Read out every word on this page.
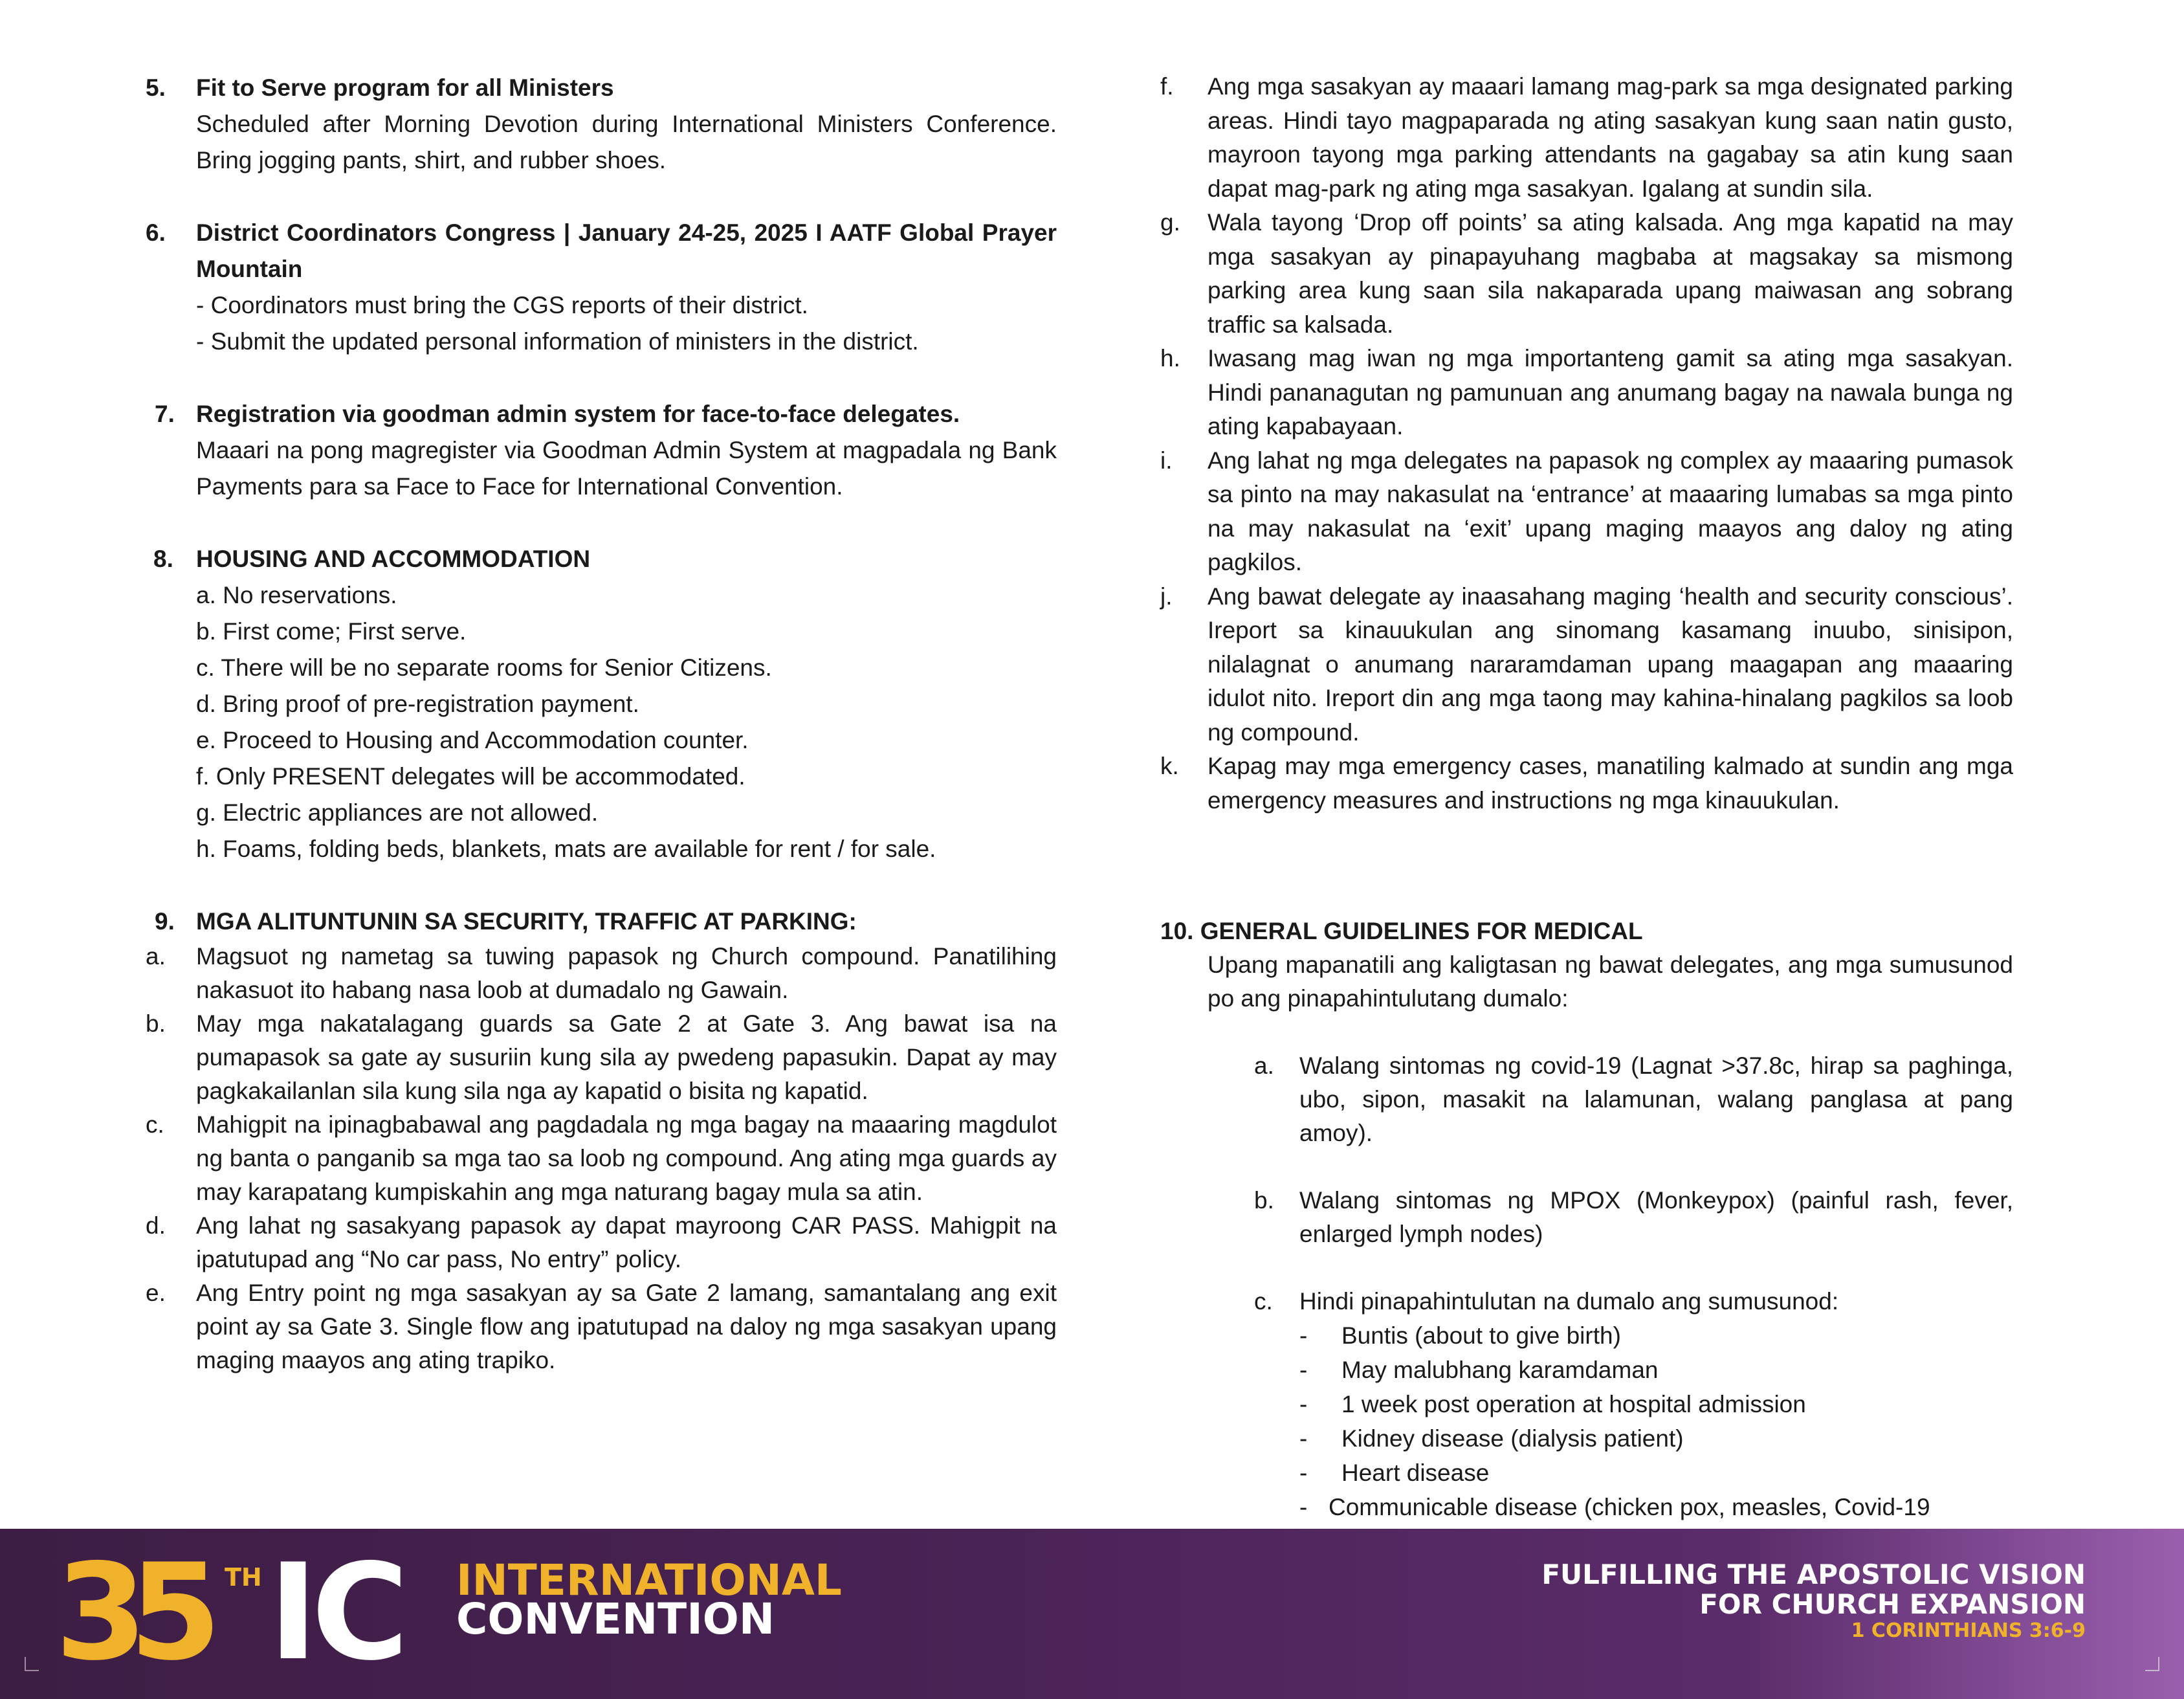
5.	Fit to Serve program for all Ministers
Scheduled after Morning Devotion during International Ministers Conference. Bring jogging pants, shirt, and rubber shoes.
6.	District Coordinators Congress | January 24-25, 2025 I AATF Global Prayer Mountain
- Coordinators must bring the CGS reports of their district.
- Submit the updated personal information of ministers in the district.
7. Registration via goodman admin system for face-to-face delegates.
Maaari na pong magregister via Goodman Admin System at magpadala ng Bank Payments para sa Face to Face for International Convention.
8. HOUSING AND ACCOMMODATION
a. No reservations.
b. First come; First serve.
c. There will be no separate rooms for Senior Citizens.
d. Bring proof of pre-registration payment.
e. Proceed to Housing and Accommodation counter.
f. Only PRESENT delegates will be accommodated.
g. Electric appliances are not allowed.
h. Foams, folding beds, blankets, mats are available for rent / for sale.
9. MGA ALITUNTUNIN SA SECURITY, TRAFFIC AT PARKING:
a.	Magsuot ng nametag sa tuwing papasok ng Church compound. Panatilihing nakasuot ito habang nasa loob at dumadalo ng Gawain.
b.	May mga nakatalagang guards sa Gate 2 at Gate 3. Ang bawat isa na pumapasok sa gate ay susuriin kung sila ay pwedeng papasukin. Dapat ay may pagkakailanlan sila kung sila nga ay kapatid o bisita ng kapatid.
c.	Mahigpit na ipinagbabawal ang pagdadala ng mga bagay na maaaring magdulot ng banta o panganib sa mga tao sa loob ng compound. Ang ating mga guards ay may karapatang kumpiskahin ang mga naturang bagay mula sa atin.
d.	Ang lahat ng sasakyang papasok ay dapat mayroong CAR PASS. Mahigpit na ipatutupad ang “No car pass, No entry” policy.
e.	Ang Entry point ng mga sasakyan ay sa Gate 2 lamang, samantalang ang exit point ay sa Gate 3. Single flow ang ipatutupad na daloy ng mga sasakyan upang maging maayos ang ating trapiko.
f.	Ang mga sasakyan ay maaari lamang mag-park sa mga designated parking areas. Hindi tayo magpaparada ng ating sasakyan kung saan natin gusto, mayroon tayong mga parking attendants na gagabay sa atin kung saan dapat mag-park ng ating mga sasakyan. Igalang at sundin sila.
g.	Wala tayong ‘Drop off points’ sa ating kalsada. Ang mga kapatid na may mga sasakyan ay pinapayuhang magbaba at magsakay sa mismong parking area kung saan sila nakaparada upang maiwasan ang sobrang traffic sa kalsada.
h.	Iwasang mag iwan ng mga importanteng gamit sa ating mga sasakyan. Hindi pananagutan ng pamunuan ang anumang bagay na nawala bunga ng ating kapabayaan.
i.	Ang lahat ng mga delegates na papasok ng complex ay maaaring pumasok sa pinto na may nakasulat na ‘entrance’ at maaaring lumabas sa mga pinto na may nakasulat na ‘exit’ upang maging maayos ang daloy ng ating pagkilos.
j.	Ang bawat delegate ay inaasahang maging ‘health and security conscious’. Ireport sa kinauukulan ang sinomang kasamang inuubo, sinisipon, nilalagnat o anumang nararamdaman upang maagapan ang maaaring idulot nito. Ireport din ang mga taong may kahina-hinalang pagkilos sa loob ng compound.
k.	Kapag may mga emergency cases, manatiling kalmado at sundin ang mga emergency measures and instructions ng mga kinauukulan.
10. GENERAL GUIDELINES FOR MEDICAL
Upang mapanatili ang kaligtasan ng bawat delegates, ang mga sumusunod po ang pinapahintulutang dumalo:
a.	Walang sintomas ng covid-19 (Lagnat >37.8c, hirap sa paghinga, ubo, sipon, masakit na lalamunan, walang panglasa at pang amoy).
b.	Walang sintomas ng MPOX (Monkeypox) (painful rash, fever, enlarged lymph nodes)
c.	Hindi pinapahintulutan na dumalo ang sumusunod:
-	Buntis (about to give birth)
-	May malubhang karamdaman
-	1 week post operation at hospital admission
-	Kidney disease (dialysis patient)
-	Heart disease
- Communicable disease (chicken pox, measles, Covid-19
35 TH IC INTERNATIONAL
CONVENTION
FULFILLING THE APOSTOLIC VISION
FOR CHURCH EXPANSION
1 CORINTHIANS 3:6-9
